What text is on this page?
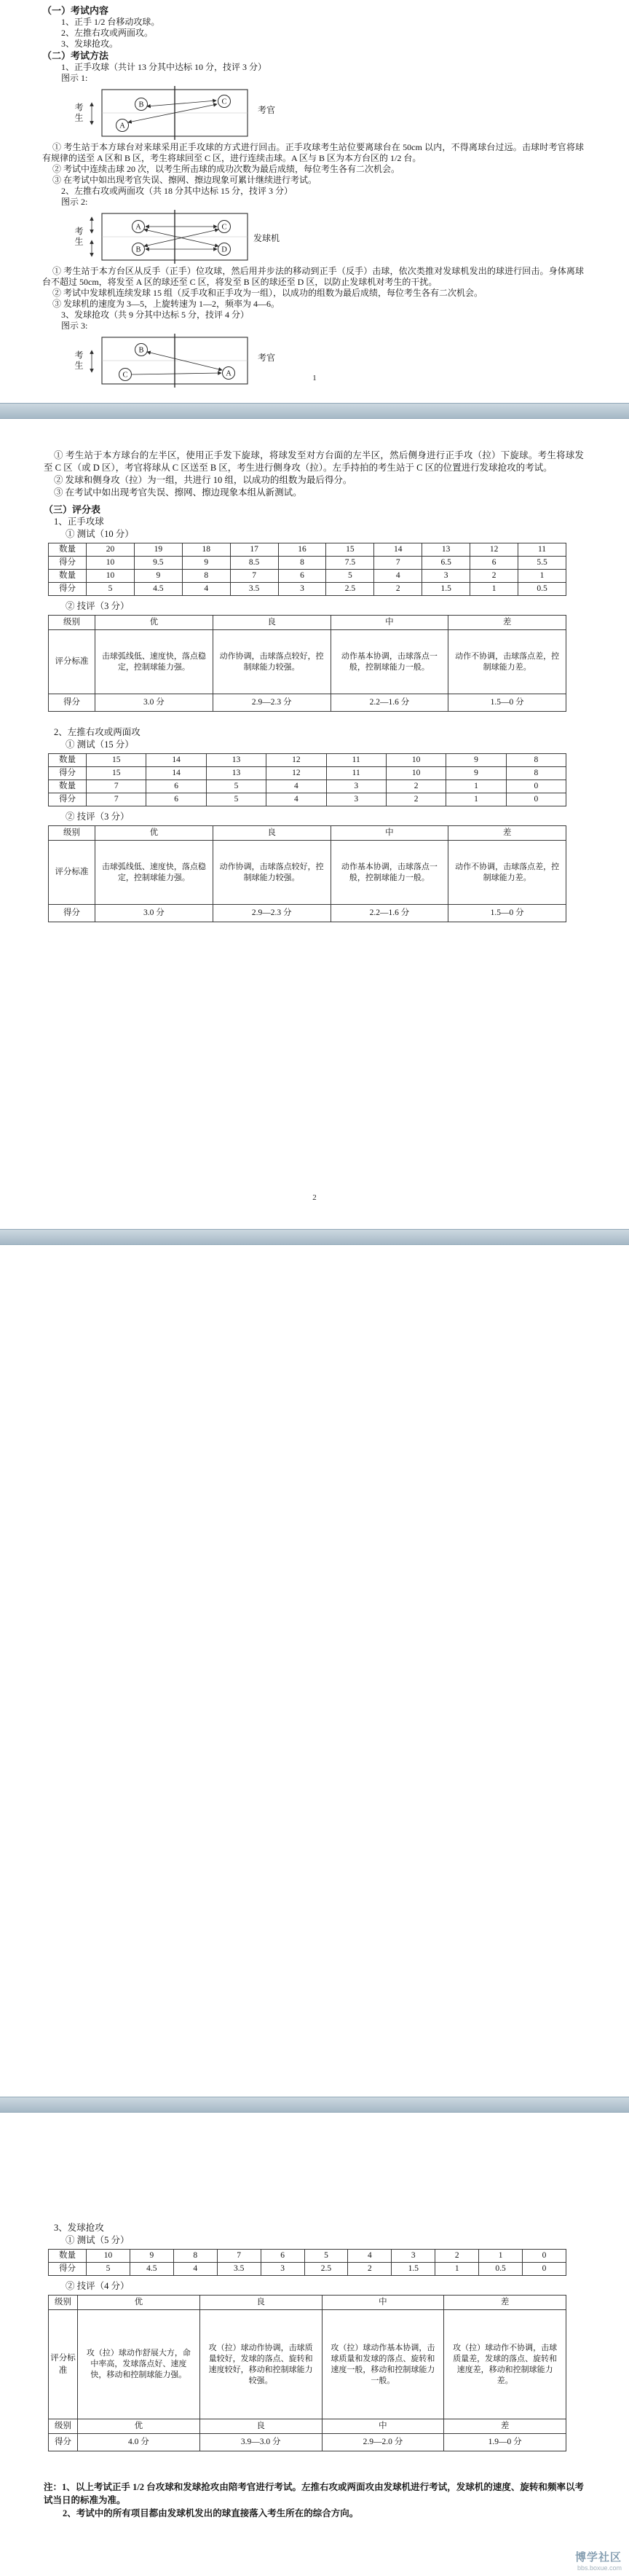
（一）考试内容
1、正手 1/2 台移动攻球。
2、左推右攻或两面攻。
3、发球抢攻。
（二）考试方法
1、正手攻球（共计 13 分其中达标 10 分，技评 3 分）
图示 1:
B
A
C
考生	考官

① 考生站于本方球台对来球采用正手攻球的方式进行回击。正手攻球考生站位要离球台在 50cm 以内，不得离球台过远。击球时考官将球有规律的送至 A 区和 B 区，考生将球回至 C 区，进行连续击球。A 区与 B 区为本方台区的 1/2 台。

② 考试中连续击球 20 次，以考生所击球的成功次数为最后成绩，每位考生各有二次机会。

③ 在考试中如出现考官失误、擦网、擦边现象可累计继续进行考试。

2、左推右攻或两面攻（共 18 分其中达标 15 分，技评 3 分）
图示 2:
A
B
C
D
考生	发球机

① 考生站于本方台区从反手（正手）位攻球，然后用并步法的移动到正手（反手）击球，依次类推对发球机发出的球进行回击。身体离球台不超过 50cm，将发至 A 区的球还至 C 区，将发至 B 区的球还至 D 区，以防止发球机对考生的干扰。

② 考试中发球机连续发球 15 组（反手攻和正手攻为一组），以成功的组数为最后成绩，每位考生各有二次机会。

③ 发球机的速度为 3—5，上旋转速为 1—2，频率为 4—6。

3、发球抢攻（共 9 分其中达标 5 分，技评 4 分）
图示 3:
B
C	A
考生	考官
1

① 考生站于本方球台的左半区，使用正手发下旋球，将球发至对方台面的左半区，然后侧身进行正手攻（拉）下旋球。考生将球发至 C 区（或 D 区），考官将球从 C 区送至 B 区，考生进行侧身攻（拉）。左手持拍的考生站于 C 区的位置进行发球抢攻的考试。

② 发球和侧身攻（拉）为一组，共进行 10 组，以成功的组数为最后得分。

③ 在考试中如出现考官失误、擦网、擦边现象本组从新测试。

（三）评分表
1、正手攻球
① 测试（10 分）
数量	20	19	18	17	16	15	14	13	12	11
得分	10	9.5	9	8.5	8	7.5	7	6.5	6	5.5
数量	10	9	8	7	6	5	4	3	2	1
得分	5	4.5	4	3.5	3	2.5	2	1.5	1	0.5
② 技评（3 分）
级别	优	良	中	差
评分标准	击球弧线低、速度快，落点稳定，控制球能力强。	动作协调，击球落点较好，控制球能力较强。	动作基本协调，击球落点一般，控制球能力一般。	动作不协调，击球落点差，控制球能力差。
得分	3.0 分	2.9—2.3 分	2.2—1.6 分	1.5—0 分
2、左推右攻或两面攻
① 测试（15 分）
数量	15	14	13	12	11	10	9	8
得分	15	14	13	12	11	10	9	8
数量	7	6	5	4	3	2	1	0
得分	7	6	5	4	3	2	1	0
② 技评（3 分）
级别	优	良	中	差
评分标准	击球弧线低、速度快，落点稳定，控制球能力强。	动作协调，击球落点较好，控制球能力较强。	动作基本协调，击球落点一般，控制球能力一般。	动作不协调，击球落点差，控制球能力差。
得分	3.0 分	2.9—2.3 分	2.2—1.6 分	1.5—0 分
2
3、发球抢攻
① 测试（5 分）
数量	10	9	8	7	6	5	4	3	2	1	0
得分	5	4.5	4	3.5	3	2.5	2	1.5	1	0.5	0
② 技评（4 分）
级别	优	良	中	差
评分标准	攻（拉）球动作舒展大方，命中率高，发球落点好、速度快，移动和控制球能力强。	攻（拉）球动作协调，击球质量较好，发球的落点、旋转和速度较好，移动和控制球能力较强。	攻（拉）球动作基本协调，击球质量和发球的落点、旋转和速度一般，移动和控制球能力一般。	攻（拉）球动作不协调，击球质量差，发球的落点、旋转和速度差，移动和控制球能力差。
级别	优	良	中	差
得分	4.0 分	3.9—3.0 分	2.9—2.0 分	1.9—0 分

注：1、以上考试正手 1/2 台攻球和发球抢攻由陪考官进行考试。左推右攻或两面攻由发球机进行考试，发球机的速度、旋转和频率以考试当日的标准为准。

2、考试中的所有项目都由发球机发出的球直接落入考生所在的综合方向。

博学社区
bbs.boxue.com
